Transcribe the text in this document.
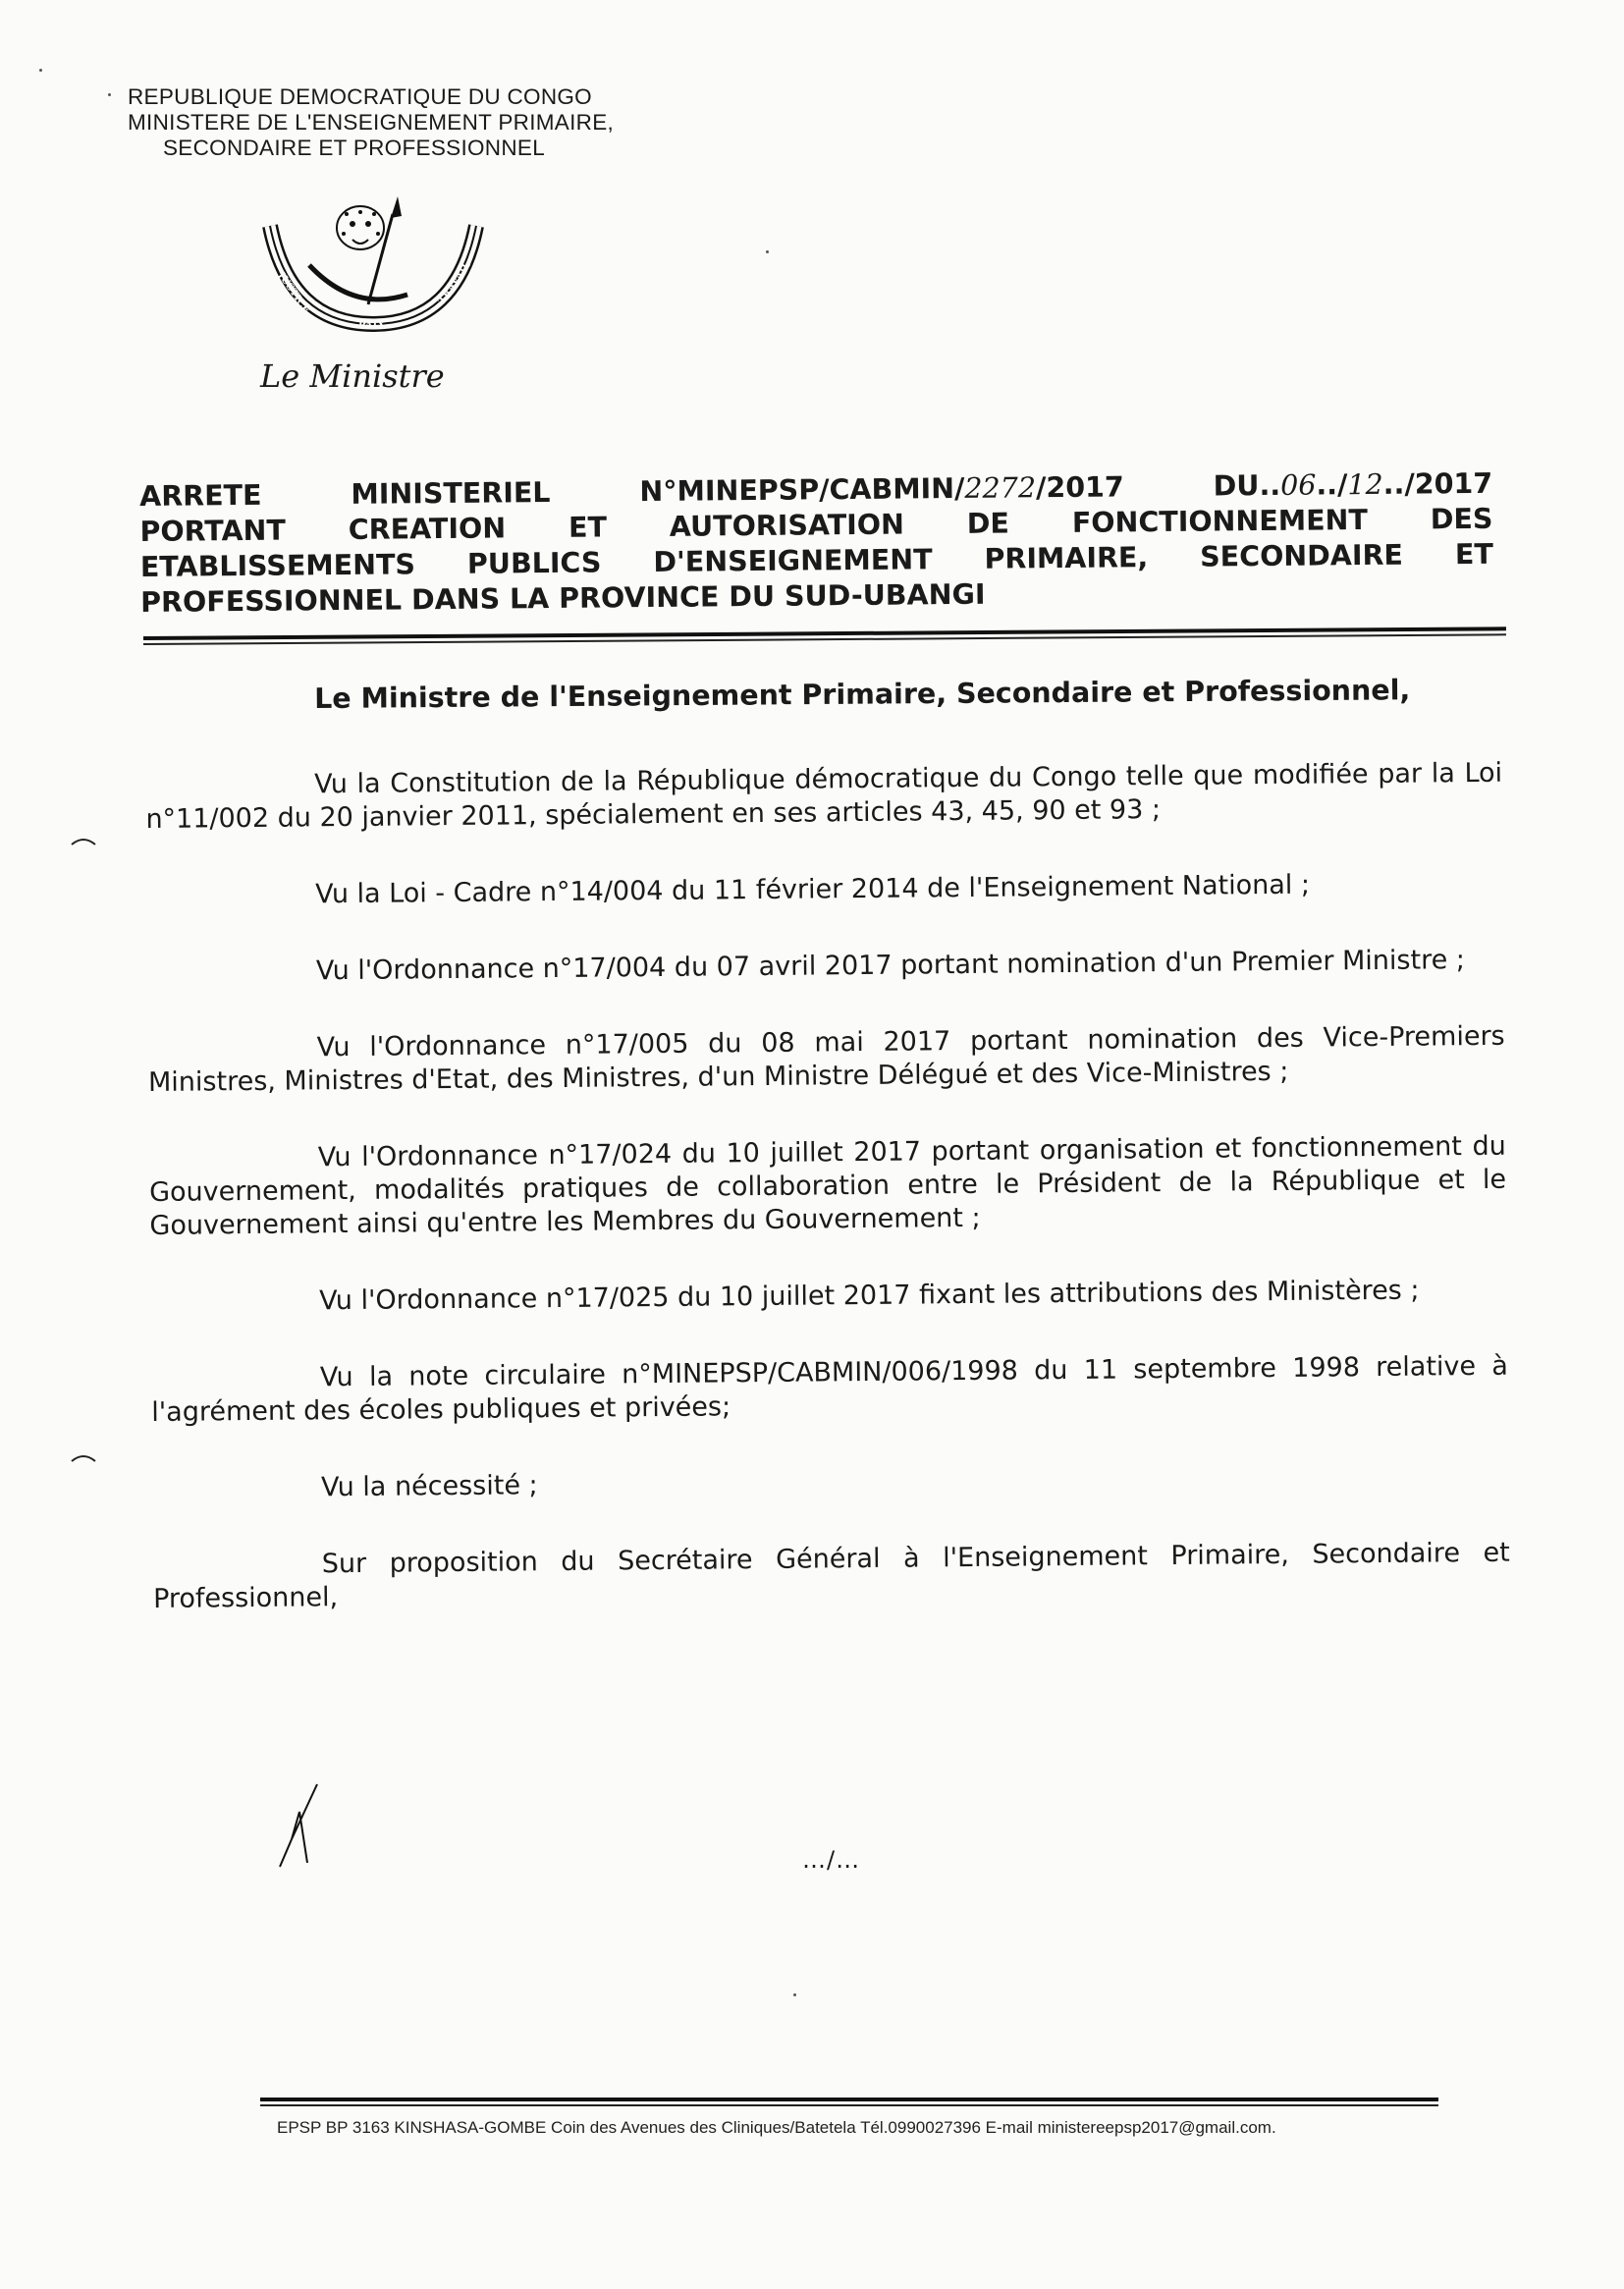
REPUBLIQUE DEMOCRATIQUE DU CONGO
MINISTERE DE L'ENSEIGNEMENT PRIMAIRE,
SECONDAIRE ET PROFESSIONNEL
JUSTICE
PAIX
TRAVAIL
Le Ministre
ARRETE MINISTERIEL N°MINEPSP/CABMIN/2272/2017 DU..06../12../2017
PORTANT CREATION ET AUTORISATION DE FONCTIONNEMENT DES
ETABLISSEMENTS PUBLICS D'ENSEIGNEMENT PRIMAIRE, SECONDAIRE ET
PROFESSIONNEL DANS LA PROVINCE DU SUD-UBANGI
Le Ministre de l'Enseignement Primaire, Secondaire et Professionnel,

Vu la Constitution de la République démocratique du Congo telle que modifiée par la Loi n°11/002 du 20 janvier 2011, spécialement en ses articles 43, 45, 90 et 93 ;

Vu la Loi - Cadre n°14/004 du 11 février 2014 de l'Enseignement National ;

Vu l'Ordonnance n°17/004 du 07 avril 2017 portant nomination d'un Premier Ministre ;

Vu l'Ordonnance n°17/005 du 08 mai 2017 portant nomination des Vice-Premiers Ministres, Ministres d'Etat, des Ministres, d'un Ministre Délégué et des Vice-Ministres ;

Vu l'Ordonnance n°17/024 du 10 juillet 2017 portant organisation et fonctionnement du Gouvernement, modalités pratiques de collaboration entre le Président de la République et le Gouvernement ainsi qu'entre les Membres du Gouvernement ;

Vu l'Ordonnance n°17/025 du 10 juillet 2017 fixant les attributions des Ministères ;

Vu la note circulaire n°MINEPSP/CABMIN/006/1998 du 11 septembre 1998 relative à l'agrément des écoles publiques et privées;

Vu la nécessité ;

Sur proposition du Secrétaire Général à l'Enseignement Primaire, Secondaire et Professionnel,

…/…
EPSP BP 3163 KINSHASA-GOMBE Coin des Avenues des Cliniques/Batetela Tél.0990027396 E-mail ministereepsp2017@gmail.com.
